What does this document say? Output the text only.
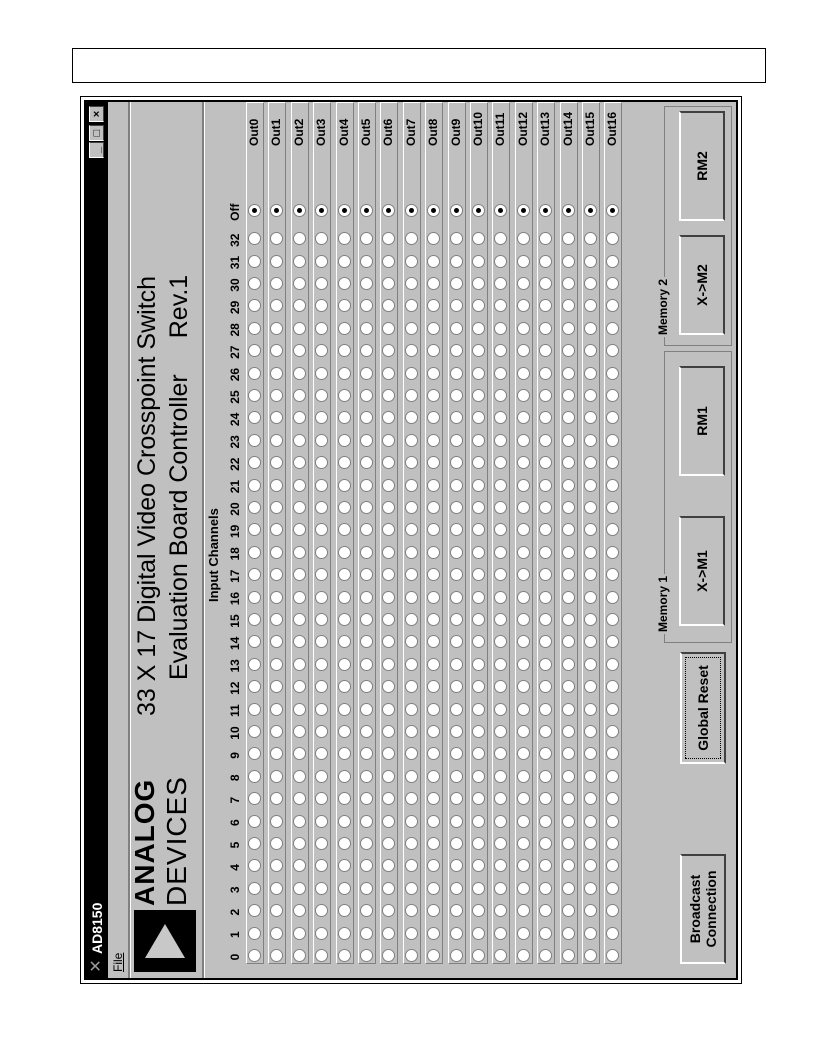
✕
AD8150
_
□
×
File
ANALOG DEVICES
33 X 17 Digital Video Crosspoint Switch Evaluation Board ControllerRev.1
Input Channels
0
1
2
3
4
5
6
7
8
9
10
11
12
13
14
15
16
17
18
19
20
21
22
23
24
25
26
27
28
29
30
31
32
Off
Out0 Out1 Out2 Out3 Out4 Out5 Out6 Out7 Out8 Out9 Out10 Out11 Out12 Out13 Out14 Out15 Out16
Broadcast
Connection
Global Reset
Memory 1
X->M1
RM1
Memory 2	X->M2
RM2
